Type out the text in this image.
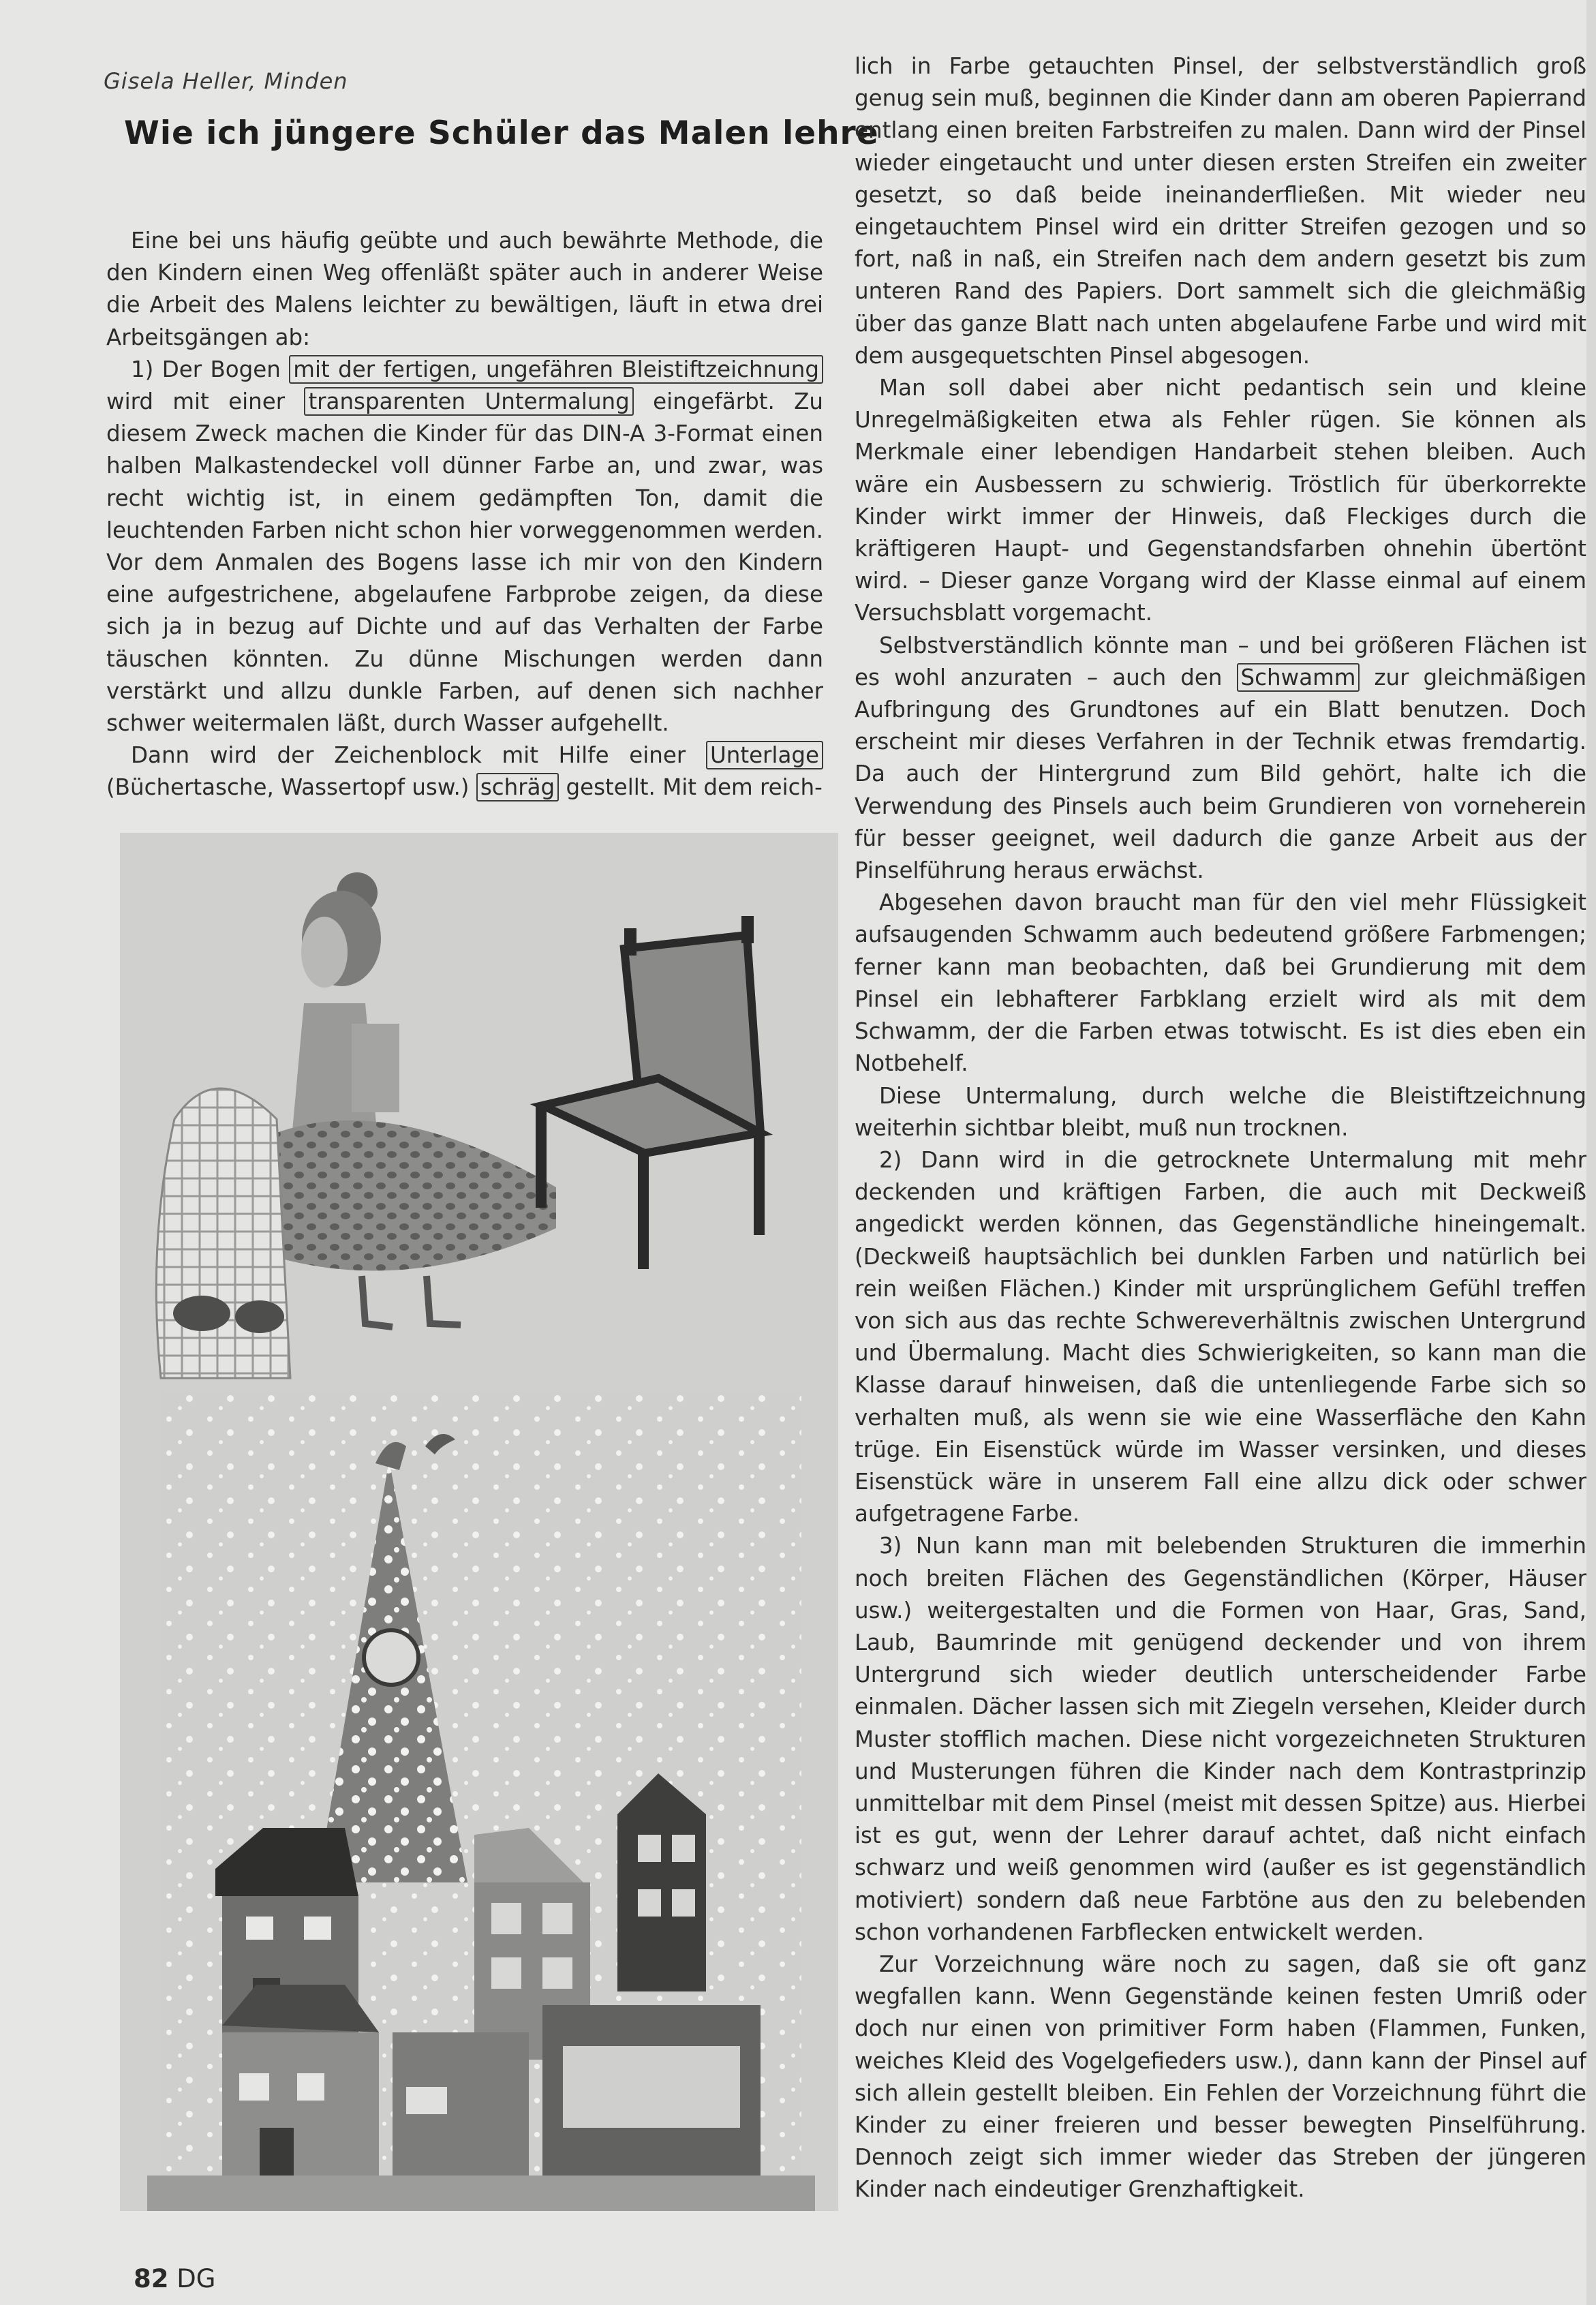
Gisela Heller, Minden
Wie ich jüngere Schüler das Malen lehre

Eine bei uns häufig geübte und auch bewährte Methode, die den Kindern einen Weg offenläßt später auch in anderer Weise die Arbeit des Malens leichter zu bewältigen, läuft in etwa drei Arbeitsgängen ab:

1) Der Bogen mit der fertigen, ungefähren Bleistiftzeichnung wird mit einer transparenten Untermalung eingefärbt. Zu diesem Zweck machen die Kinder für das DIN-A 3-Format einen halben Malkastendeckel voll dünner Farbe an, und zwar, was recht wichtig ist, in einem gedämpften Ton, damit die leuchtenden Farben nicht schon hier vorweggenommen werden. Vor dem Anmalen des Bogens lasse ich mir von den Kindern eine aufgestrichene, abgelaufene Farbprobe zeigen, da diese sich ja in bezug auf Dichte und auf das Verhalten der Farbe täuschen könnten. Zu dünne Mischungen werden dann verstärkt und allzu dunkle Farben, auf denen sich nachher schwer weitermalen läßt, durch Wasser aufgehellt.

Dann wird der Zeichenblock mit Hilfe einer Unterlage (Büchertasche, Wassertopf usw.) schräg gestellt. Mit dem reich-

lich in Farbe getauchten Pinsel, der selbstverständlich groß genug sein muß, beginnen die Kinder dann am oberen Papierrand entlang einen breiten Farbstreifen zu malen. Dann wird der Pinsel wieder eingetaucht und unter diesen ersten Streifen ein zweiter gesetzt, so daß beide ineinanderfließen. Mit wieder neu eingetauchtem Pinsel wird ein dritter Streifen gezogen und so fort, naß in naß, ein Streifen nach dem andern gesetzt bis zum unteren Rand des Papiers. Dort sammelt sich die gleichmäßig über das ganze Blatt nach unten abgelaufene Farbe und wird mit dem ausgequetschten Pinsel abgesogen.

Man soll dabei aber nicht pedantisch sein und kleine Unregelmäßigkeiten etwa als Fehler rügen. Sie können als Merkmale einer lebendigen Handarbeit stehen bleiben. Auch wäre ein Ausbessern zu schwierig. Tröstlich für überkorrekte Kinder wirkt immer der Hinweis, daß Fleckiges durch die kräftigeren Haupt- und Gegenstandsfarben ohnehin übertönt wird. – Dieser ganze Vorgang wird der Klasse einmal auf einem Versuchsblatt vorgemacht.

Selbstverständlich könnte man – und bei größeren Flächen ist es wohl anzuraten – auch den Schwamm zur gleichmäßigen Aufbringung des Grundtones auf ein Blatt benutzen. Doch erscheint mir dieses Verfahren in der Technik etwas fremdartig. Da auch der Hintergrund zum Bild gehört, halte ich die Verwendung des Pinsels auch beim Grundieren von vorneherein für besser geeignet, weil dadurch die ganze Arbeit aus der Pinselführung heraus erwächst.

Abgesehen davon braucht man für den viel mehr Flüssigkeit aufsaugenden Schwamm auch bedeutend größere Farbmengen; ferner kann man beobachten, daß bei Grundierung mit dem Pinsel ein lebhafterer Farbklang erzielt wird als mit dem Schwamm, der die Farben etwas totwischt. Es ist dies eben ein Notbehelf.

Diese Untermalung, durch welche die Bleistiftzeichnung weiterhin sichtbar bleibt, muß nun trocknen.

2) Dann wird in die getrocknete Untermalung mit mehr deckenden und kräftigen Farben, die auch mit Deckweiß angedickt werden können, das Gegenständliche hineingemalt. (Deckweiß hauptsächlich bei dunklen Farben und natürlich bei rein weißen Flächen.) Kinder mit ursprünglichem Gefühl treffen von sich aus das rechte Schwereverhältnis zwischen Untergrund und Übermalung. Macht dies Schwierigkeiten, so kann man die Klasse darauf hinweisen, daß die untenliegende Farbe sich so verhalten muß, als wenn sie wie eine Wasserfläche den Kahn trüge. Ein Eisenstück würde im Wasser versinken, und dieses Eisenstück wäre in unserem Fall eine allzu dick oder schwer aufgetragene Farbe.

3) Nun kann man mit belebenden Strukturen die immerhin noch breiten Flächen des Gegenständlichen (Körper, Häuser usw.) weitergestalten und die Formen von Haar, Gras, Sand, Laub, Baumrinde mit genügend deckender und von ihrem Untergrund sich wieder deutlich unterscheidender Farbe einmalen. Dächer lassen sich mit Ziegeln versehen, Kleider durch Muster stofflich machen. Diese nicht vorgezeichneten Strukturen und Musterungen führen die Kinder nach dem Kontrastprinzip unmittelbar mit dem Pinsel (meist mit dessen Spitze) aus. Hierbei ist es gut, wenn der Lehrer darauf achtet, daß nicht einfach schwarz und weiß genommen wird (außer es ist gegenständlich motiviert) sondern daß neue Farbtöne aus den zu belebenden schon vorhandenen Farbflecken entwickelt werden.

Zur Vorzeichnung wäre noch zu sagen, daß sie oft ganz wegfallen kann. Wenn Gegenstände keinen festen Umriß oder doch nur einen von primitiver Form haben (Flammen, Funken, weiches Kleid des Vogelgefieders usw.), dann kann der Pinsel auf sich allein gestellt bleiben. Ein Fehlen der Vorzeichnung führt die Kinder zu einer freieren und besser bewegten Pinselführung. Dennoch zeigt sich immer wieder das Streben der jüngeren Kinder nach eindeutiger Grenzhaftigkeit.

82 DG
